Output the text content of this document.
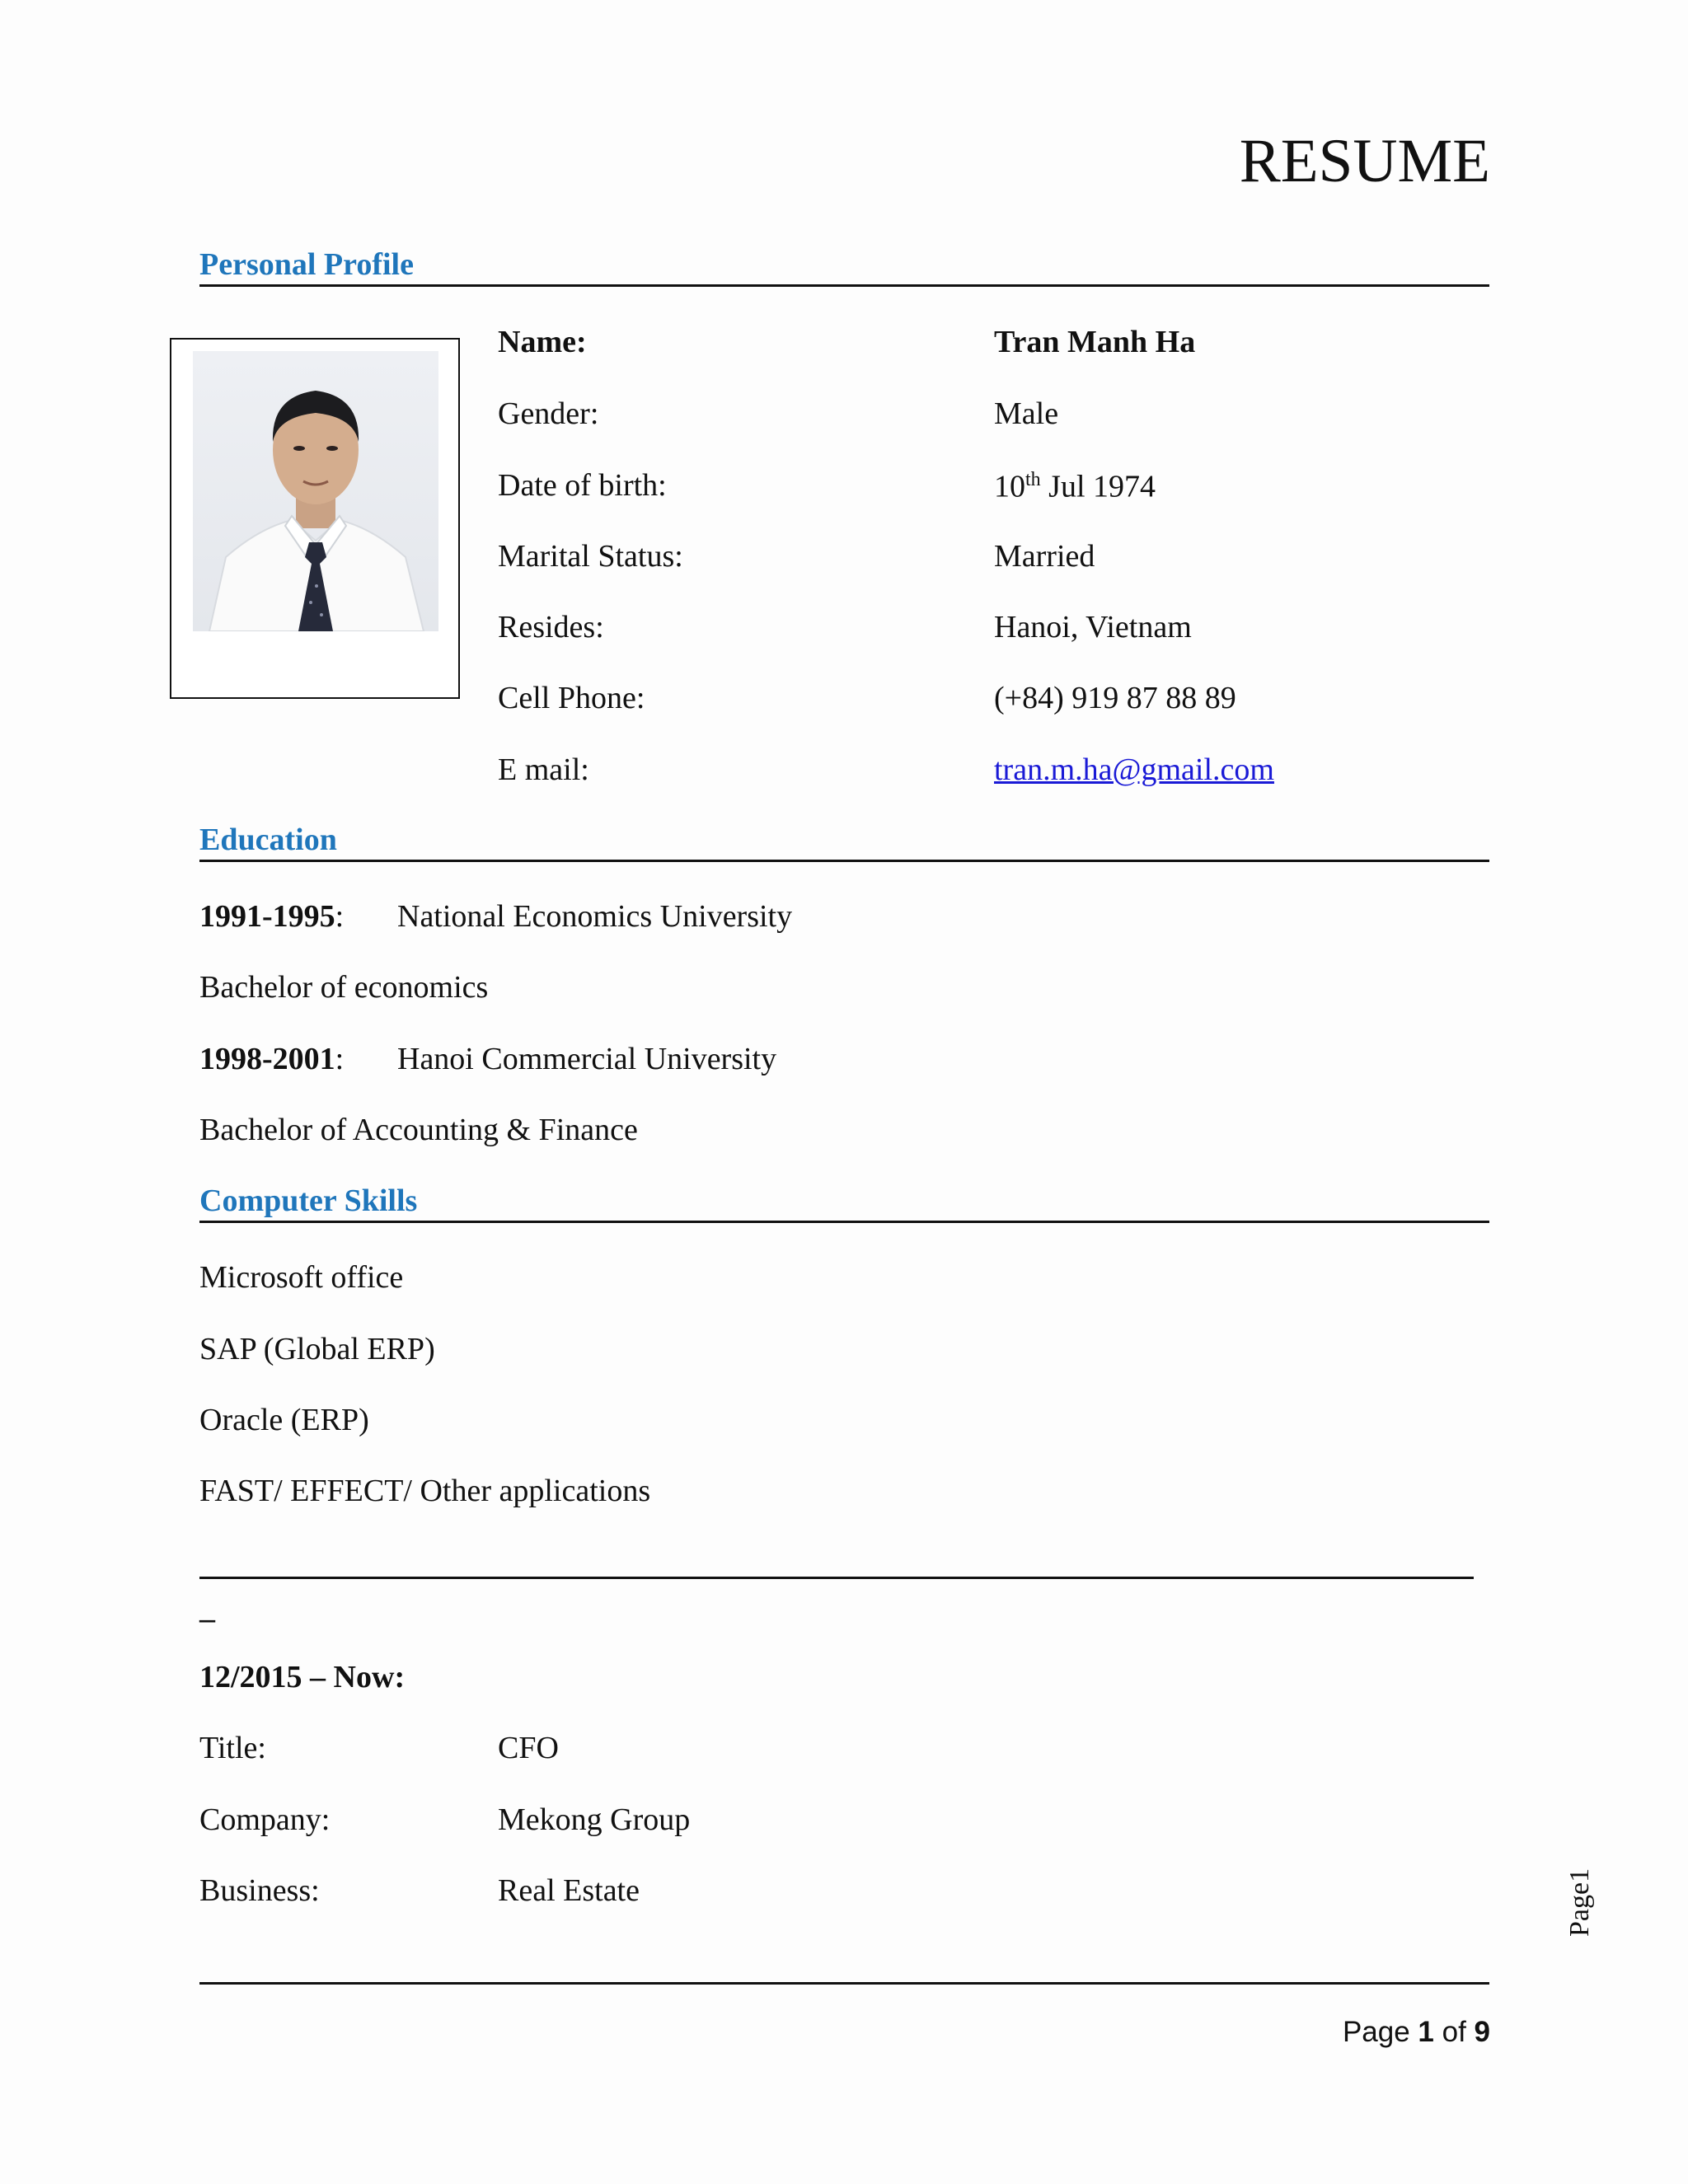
RESUME
Personal Profile
Name:	Tran Manh Ha
Gender:	Male
Date of birth:	10th Jul 1974
Marital Status:	Married
Resides:	Hanoi, Vietnam
Cell Phone:	(+84) 919 87 88 89
E mail:	tran.m.ha@gmail.com
Education
1991-1995: National Economics University
Bachelor of economics
1998-2001: Hanoi Commercial University
Bachelor of Accounting & Finance
Computer Skills
Microsoft office
SAP (Global ERP)
Oracle (ERP)
FAST/ EFFECT/ Other applications
–
12/2015 – Now:
Title:	CFO
Company:	Mekong Group
Business:	Real Estate
Page 1 of 9
Page1
